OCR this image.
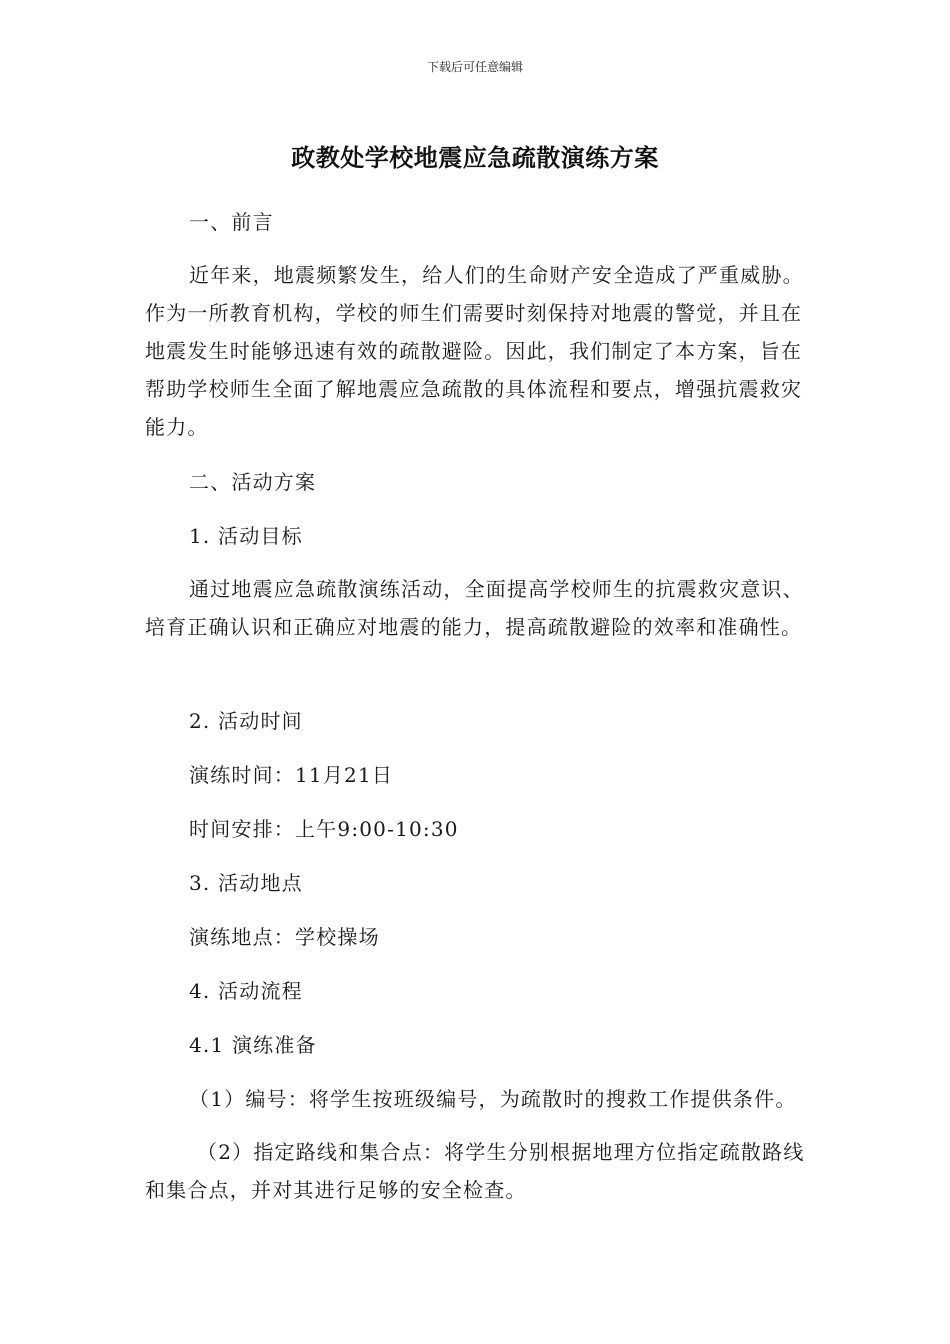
下载后可任意编辑
政教处学校地震应急疏散演练方案
一、前言

近年来，地震频繁发生，给人们的生命财产安全造成了严重威胁。作为一所教育机构，学校的师生们需要时刻保持对地震的警觉，并且在地震发生时能够迅速有效的疏散避险。因此，我们制定了本方案，旨在帮助学校师生全面了解地震应急疏散的具体流程和要点，增强抗震救灾能力。

二、活动方案
1. 活动目标

通过地震应急疏散演练活动，全面提高学校师生的抗震救灾意识、培育正确认识和正确应对地震的能力，提高疏散避险的效率和准确性。

2. 活动时间
演练时间：11月21日
时间安排：上午9:00-10:30
3. 活动地点
演练地点：学校操场
4. 活动流程
4.1 演练准备
（1）编号：将学生按班级编号，为疏散时的搜救工作提供条件。

（2）指定路线和集合点：将学生分别根据地理方位指定疏散路线和集合点，并对其进行足够的安全检查。
